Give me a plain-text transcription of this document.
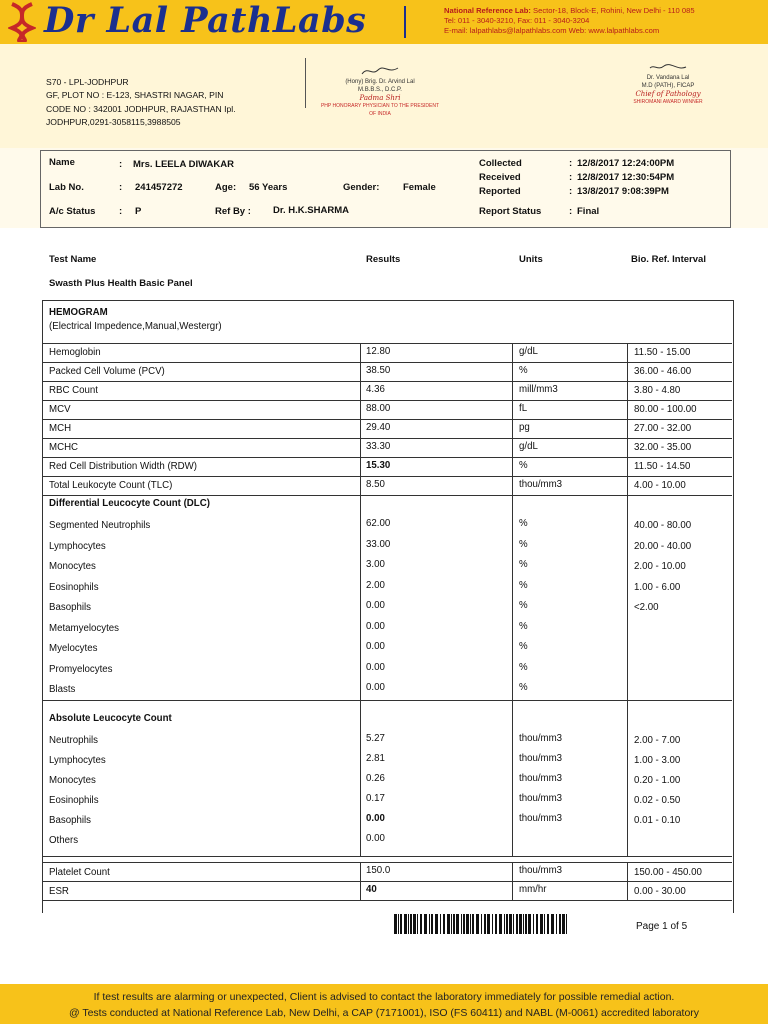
Dr Lal PathLabs	National Reference Lab: Sector-18, Block-E, Rohini, New Delhi - 110 085
Tel: 011 - 3040-3210, Fax: 011 - 3040-3204
E-mail: lalpathlabs@lalpathlabs.com Web: www.lalpathlabs.com
S70 - LPL-JODHPUR
GF, PLOT NO : E-123, SHASTRI NAGAR, PIN
CODE NO : 342001 JODHPUR, RAJASTHAN Ipl.
JODHPUR,0291-3058115,3988505
(Hony) Brig. Dr. Arvind Lal
M.B.B.S., D.C.P.
Padma Shri
PHP HONORARY PHYSICIAN TO THE PRESIDENT OF INDIA
Dr. Vandana Lal
M.D (PATH), FICAP
Chief of Pathology
SHIROMANI AWARD WINNER
Name	: Mrs. LEELA DIWAKAR
Lab No.	: 241457272	Age: 56 Years	Gender: Female
A/c Status : P	Ref By : Dr. H.K.SHARMA
Collected	: 12/8/2017 12:24:00PM
Received	: 12/8/2017 12:30:54PM
Reported	: 13/8/2017 9:08:39PM
Report Status	: Final
Test Name	Results	Units	Bio. Ref. Interval
Swasth Plus Health Basic Panel
HEMOGRAM
(Electrical Impedence,Manual,Westergr)
Hemoglobin	12.80	g/dL	11.50 - 15.00
Packed Cell Volume (PCV)	38.50	%	36.00 - 46.00
RBC Count	4.36	mill/mm3	3.80 - 4.80
MCV	88.00	fL	80.00 - 100.00
MCH	29.40	pg	27.00 - 32.00
MCHC	33.30	g/dL	32.00 - 35.00
Red Cell Distribution Width (RDW)	15.30	%	11.50 - 14.50
Total Leukocyte Count (TLC)	8.50	thou/mm3	4.00 - 10.00
Differential Leucocyte Count (DLC)
Segmented Neutrophils	62.00	%	40.00 - 80.00
Lymphocytes	33.00	%	20.00 - 40.00
Monocytes	3.00	%	2.00 - 10.00
Eosinophils	2.00	%	1.00 - 6.00
Basophils	0.00	%	<2.00
Metamyelocytes	0.00	%
Myelocytes	0.00	%
Promyelocytes	0.00	%
Blasts	0.00	%
Absolute Leucocyte Count
Neutrophils	5.27	thou/mm3	2.00 - 7.00
Lymphocytes	2.81	thou/mm3	1.00 - 3.00
Monocytes	0.26	thou/mm3	0.20 - 1.00
Eosinophils	0.17	thou/mm3	0.02 - 0.50
Basophils	0.00	thou/mm3	0.01 - 0.10
Others	0.00
Platelet Count	150.0	thou/mm3	150.00 - 450.00
ESR	40	mm/hr	0.00 - 30.00
Page 1 of 5
If test results are alarming or unexpected, Client is advised to contact the laboratory immediately for possible remedial action.
@ Tests conducted at National Reference Lab, New Delhi, a CAP (7171001), ISO (FS 60411) and NABL (M-0061) accredited laboratory
